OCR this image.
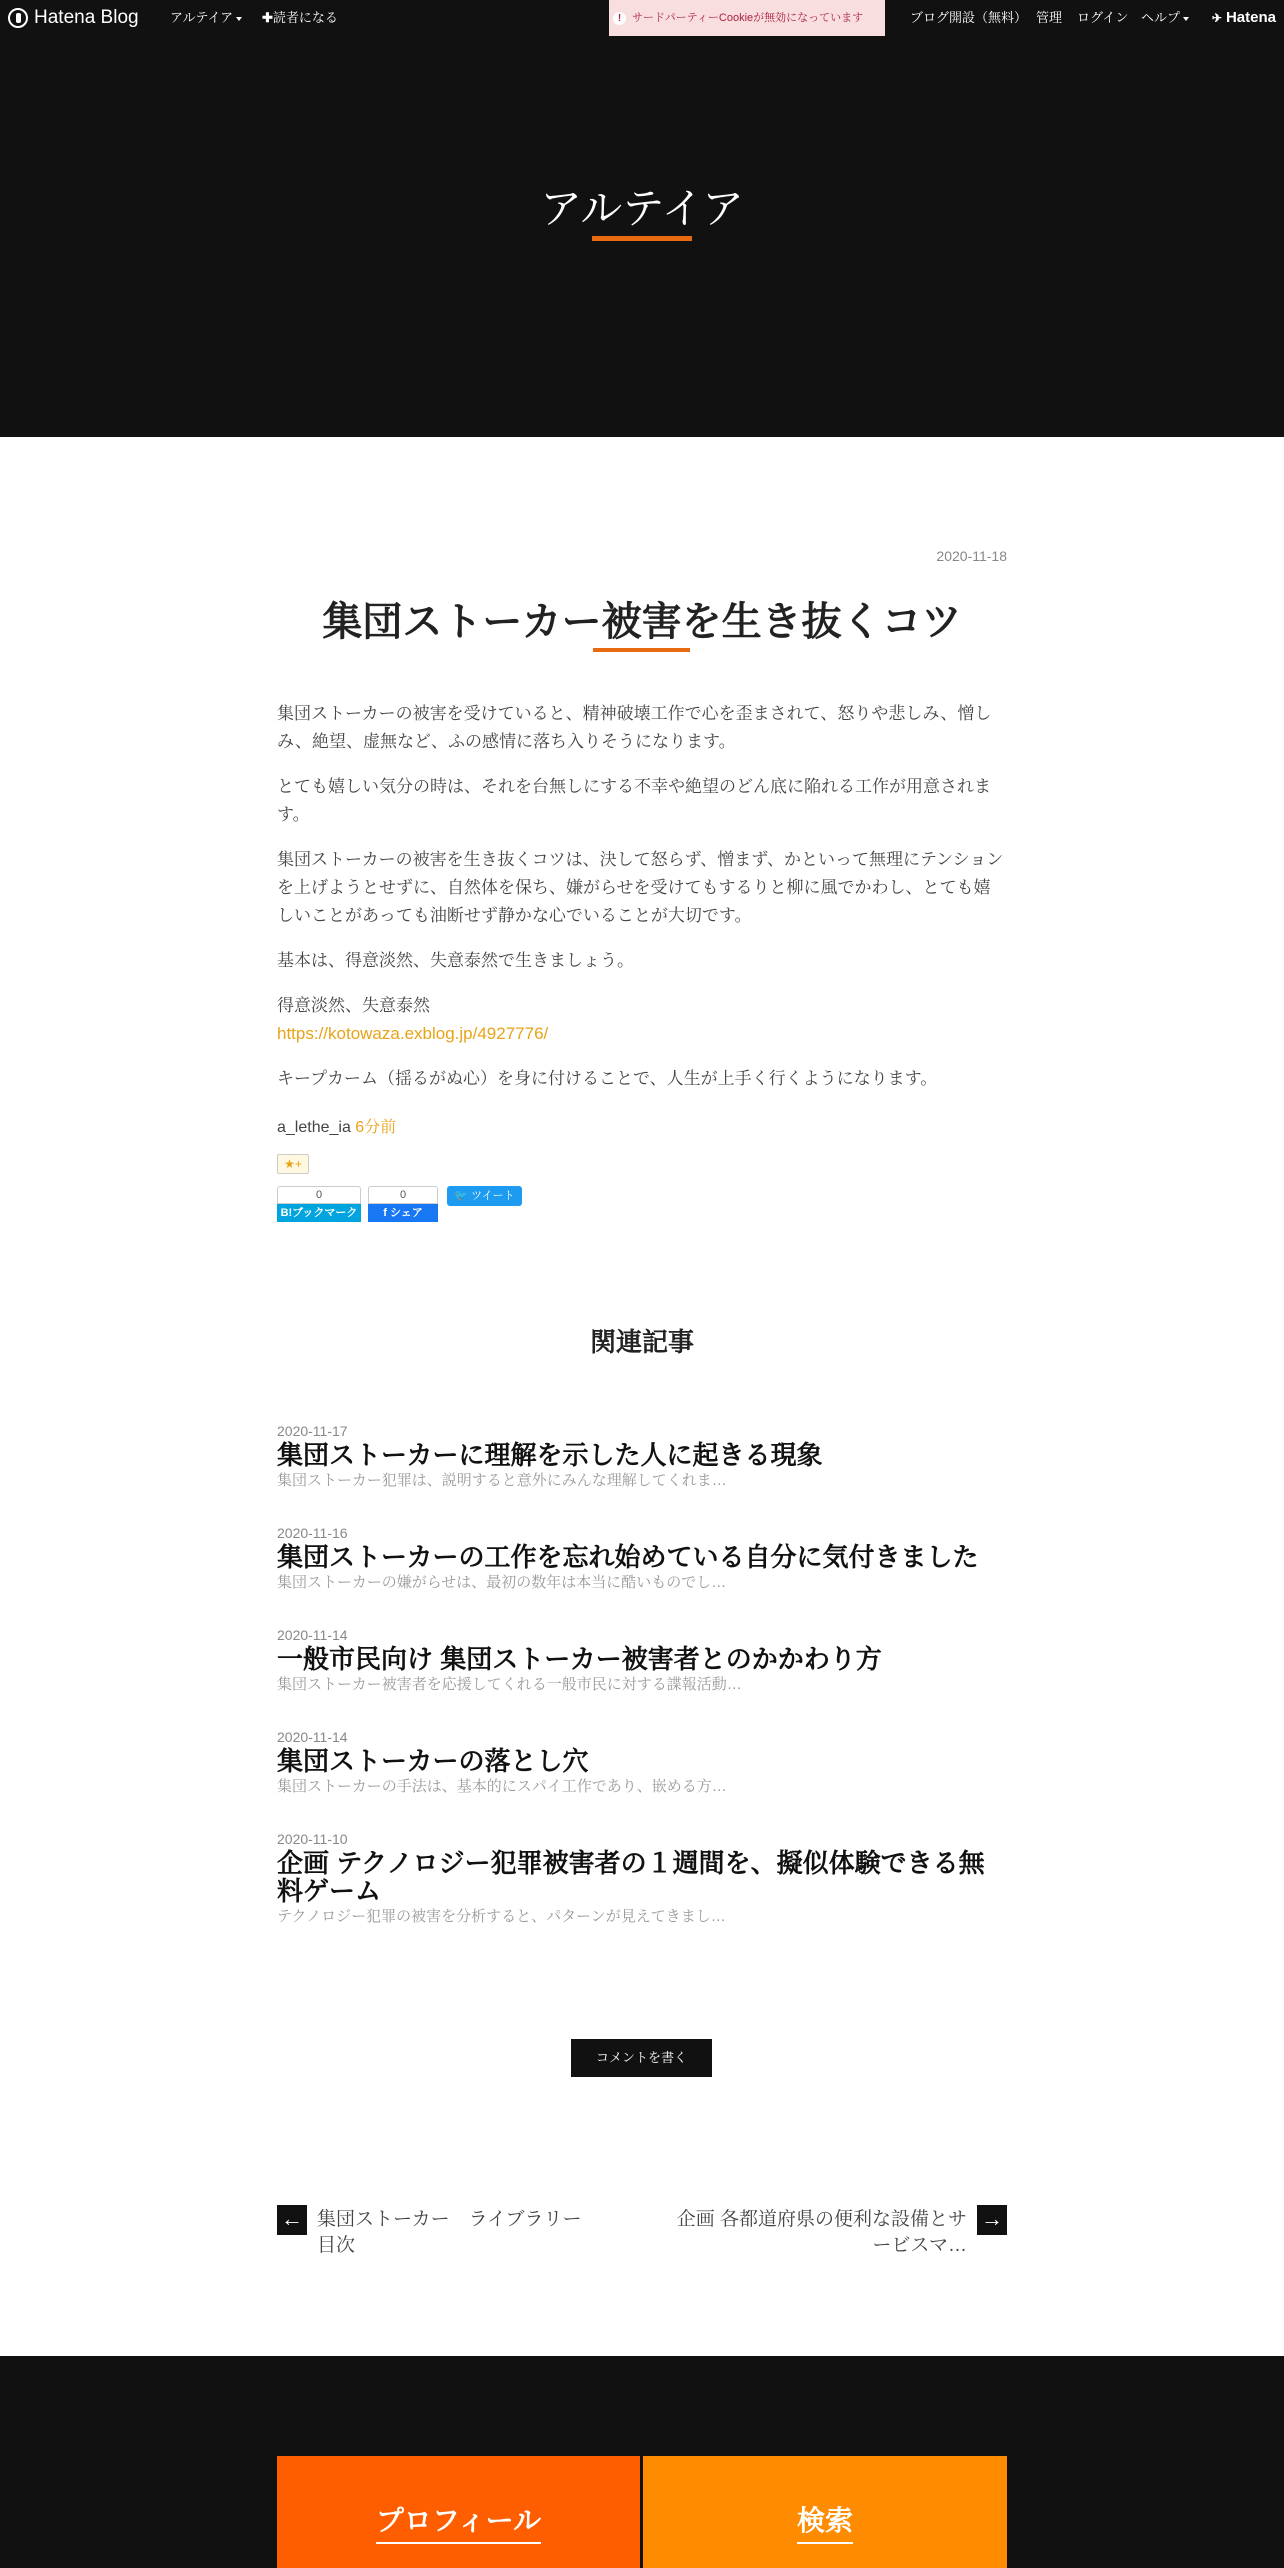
Hatena Blog アルテイア	✚読者になる	! サードパーティーCookieが無効になっています	ブログ開設（無料） 管理 ログイン ヘルプ	✈ Hatena
アルテイア
2020-11-18
集団ストーカー被害を生き抜くコツ

集団ストーカーの被害を受けていると、精神破壊工作で心を歪まされて、怒りや悲しみ、憎しみ、絶望、虚無など、ふの感情に落ち入りそうになります。

とても嬉しい気分の時は、それを台無しにする不幸や絶望のどん底に陥れる工作が用意されます。

集団ストーカーの被害を生き抜くコツは、決して怒らず、憎まず、かといって無理にテンションを上げようとせずに、自然体を保ち、嫌がらせを受けてもするりと柳に風でかわし、とても嬉しいことがあっても油断せず静かな心でいることが大切です。

基本は、得意淡然、失意泰然で生きましょう。

得意淡然、失意泰然
https://kotowaza.exblog.jp/4927776/

キープカーム（揺るがぬ心）を身に付けることで、人生が上手く行くようになります。

a_lethe_ia 6分前
★+
0
B!ブックマーク
0
f シェア
🐦 ツイート
関連記事
2020-11-17
集団ストーカーに理解を示した人に起きる現象
集団ストーカー犯罪は、説明すると意外にみんな理解してくれま…
2020-11-16
集団ストーカーの工作を忘れ始めている自分に気付きました
集団ストーカーの嫌がらせは、最初の数年は本当に酷いものでし…
2020-11-14
一般市民向け 集団ストーカー被害者とのかかわり方
集団ストーカー被害者を応援してくれる一般市民に対する諜報活動…
2020-11-14
集団ストーカーの落とし穴
集団ストーカーの手法は、基本的にスパイ工作であり、嵌める方…
2020-11-10
企画 テクノロジー犯罪被害者の１週間を、擬似体験できる無料ゲーム
テクノロジー犯罪の被害を分析すると、パターンが見えてきまし…
コメントを書く
← 集団ストーカー　ライブラリー　目次
企画 各都道府県の便利な設備とサービスマ…
→
プロフィール	検索
